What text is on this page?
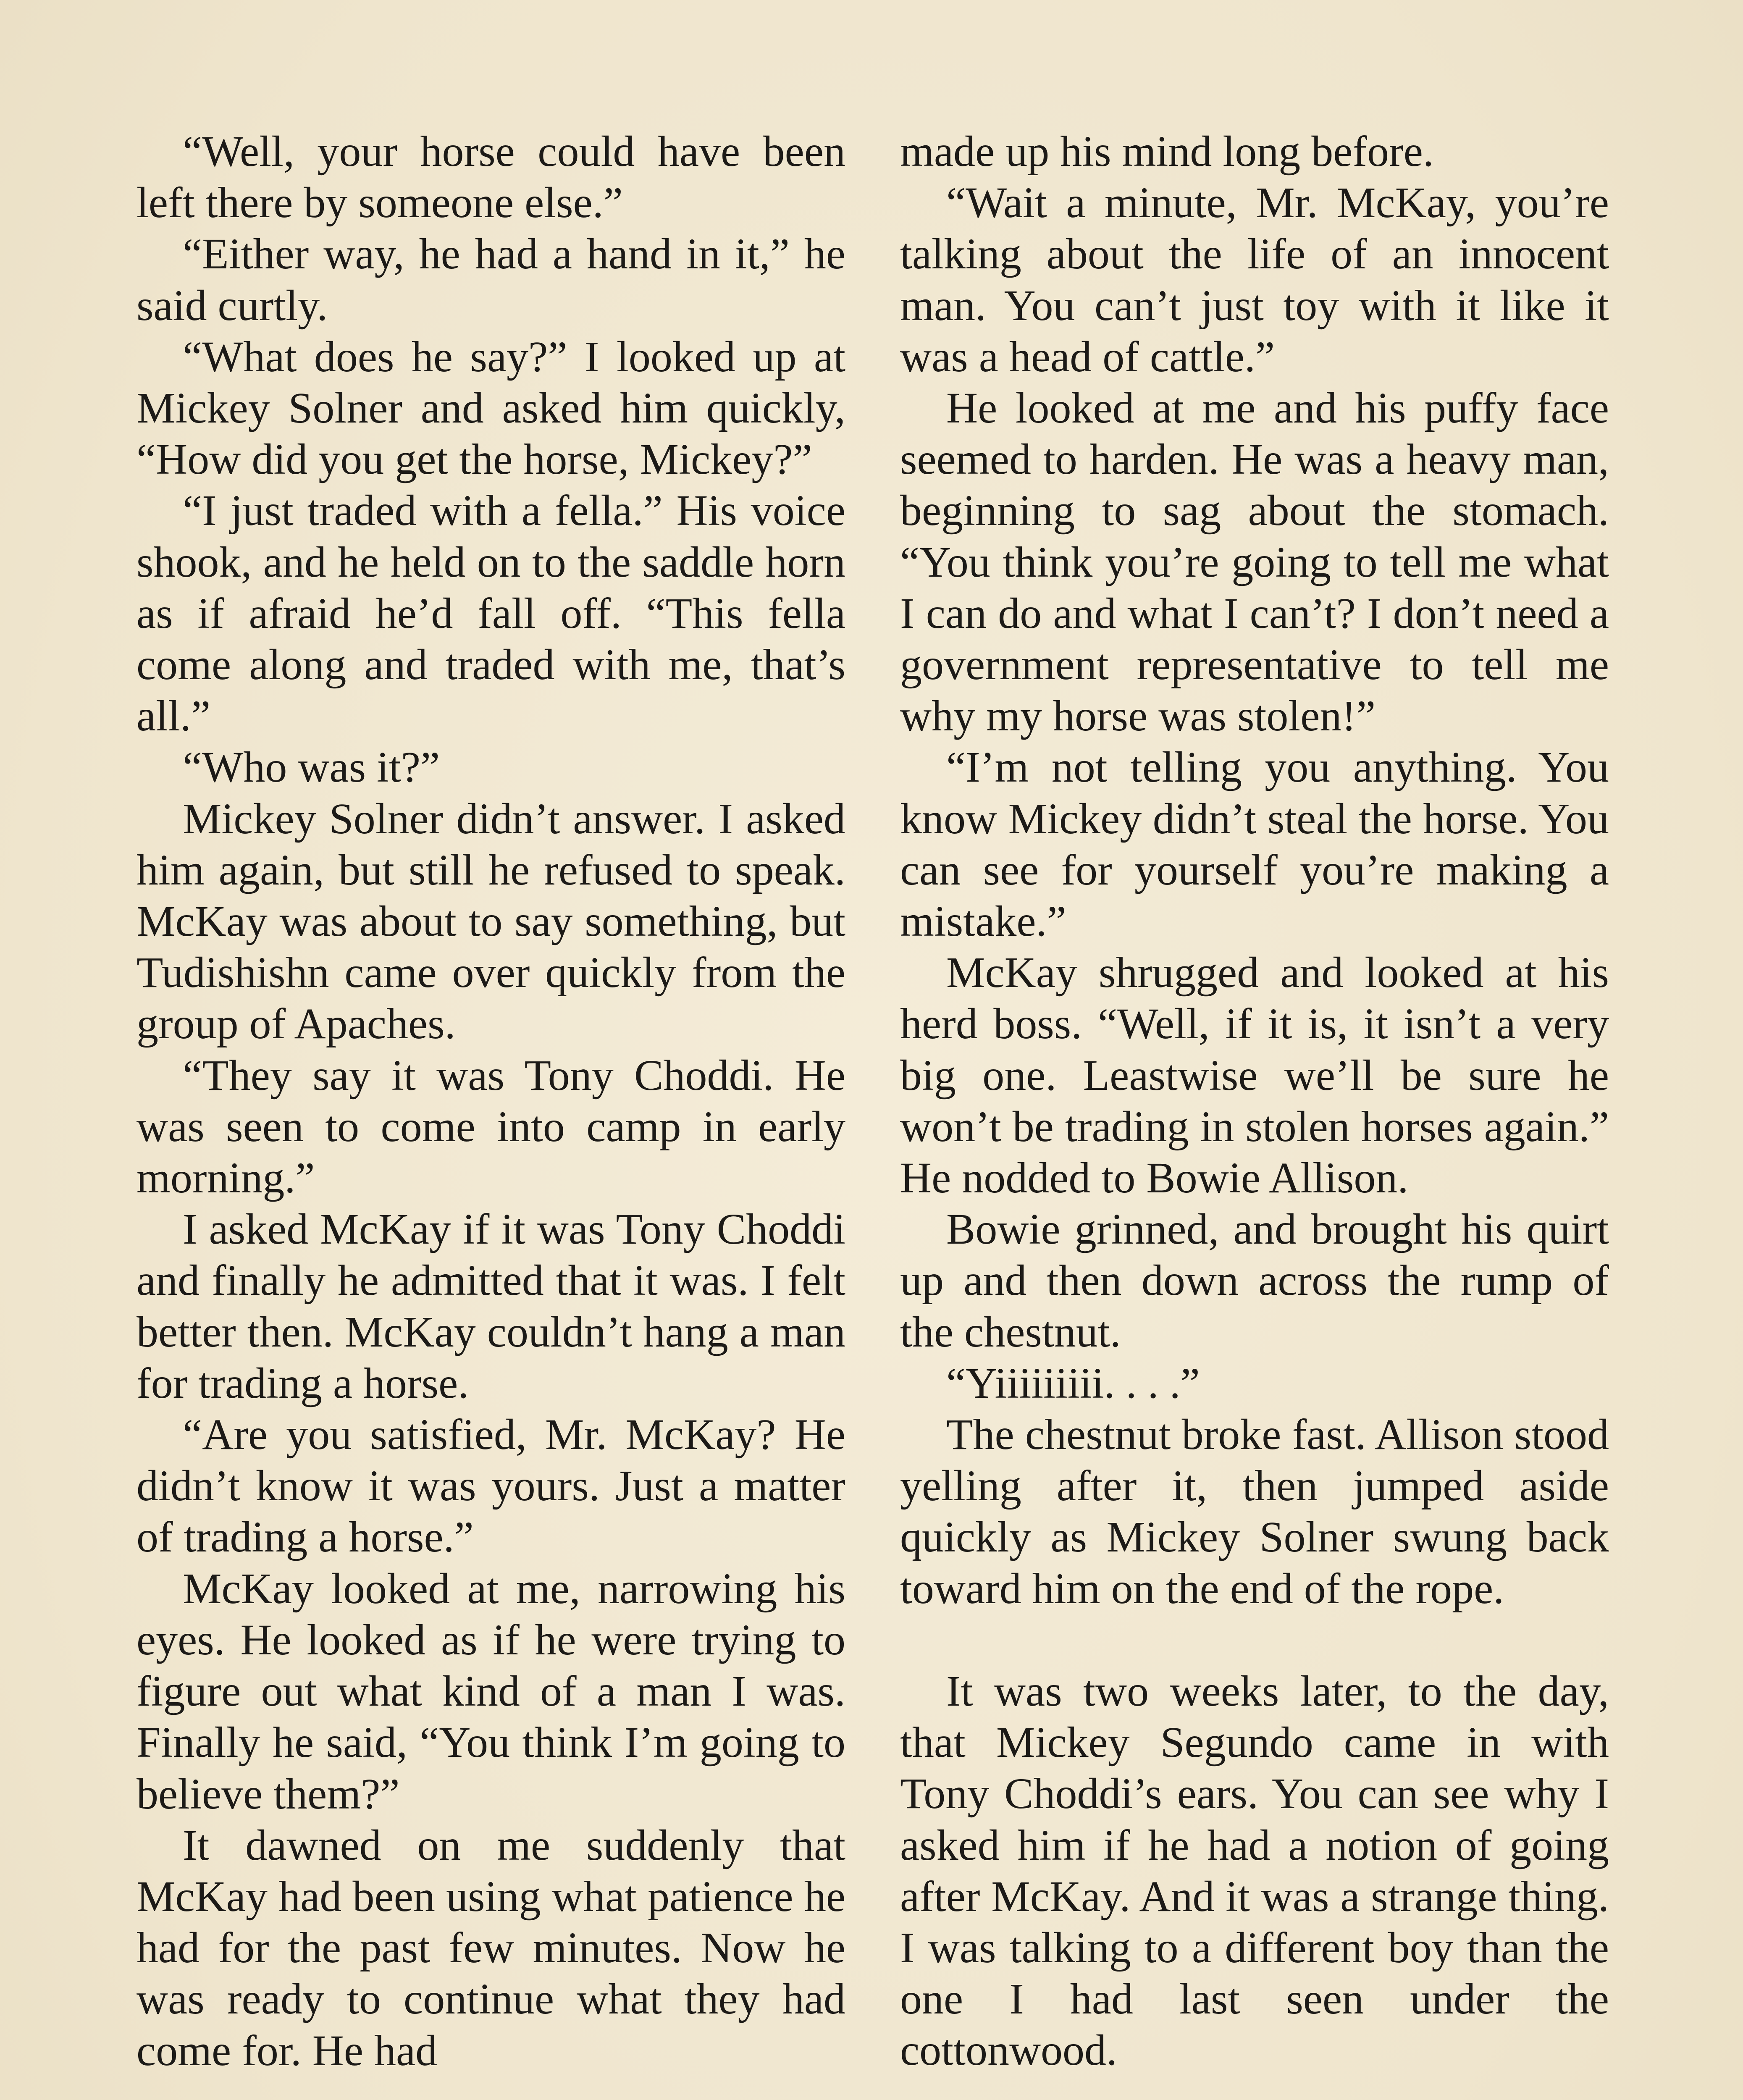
“Well, your horse could have been left there by someone else.”

“Either way, he had a hand in it,” he said curtly.

“What does he say?” I looked up at Mickey Solner and asked him quickly, “How did you get the horse, Mickey?”

“I just traded with a fella.” His voice shook, and he held on to the saddle horn as if afraid he’d fall off. “This fella come along and traded with me, that’s all.”

“Who was it?”

Mickey Solner didn’t answer. I asked him again, but still he refused to speak. McKay was about to say something, but Tudishishn came over quickly from the group of Apaches.

“They say it was Tony Choddi. He was seen to come into camp in early morning.”

I asked McKay if it was Tony Choddi and finally he admitted that it was. I felt better then. McKay couldn’t hang a man for trading a horse.

“Are you satisfied, Mr. McKay? He didn’t know it was yours. Just a matter of trading a horse.”

McKay looked at me, narrowing his eyes. He looked as if he were trying to figure out what kind of a man I was. Finally he said, “You think I’m going to believe them?”

It dawned on me suddenly that McKay had been using what patience he had for the past few minutes. Now he was ready to continue what they had come for. He had

made up his mind long before.

“Wait a minute, Mr. McKay, you’re talking about the life of an innocent man. You can’t just toy with it like it was a head of cattle.”

He looked at me and his puffy face seemed to harden. He was a heavy man, beginning to sag about the stomach. “You think you’re going to tell me what I can do and what I can’t? I don’t need a government representative to tell me why my horse was stolen!”

“I’m not telling you anything. You know Mickey didn’t steal the horse. You can see for yourself you’re making a mistake.”

McKay shrugged and looked at his herd boss. “Well, if it is, it isn’t a very big one. Leastwise we’ll be sure he won’t be trading in stolen horses again.” He nodded to Bowie Allison.

Bowie grinned, and brought his quirt up and then down across the rump of the chestnut.

“Yiiiiiiiii. . . .”

The chestnut broke fast. Allison stood yelling after it, then jumped aside quickly as Mickey Solner swung back toward him on the end of the rope.

It was two weeks later, to the day, that Mickey Segundo came in with Tony Choddi’s ears. You can see why I asked him if he had a notion of going after McKay. And it was a strange thing. I was talking to a different boy than the one I had last seen under the cottonwood.
